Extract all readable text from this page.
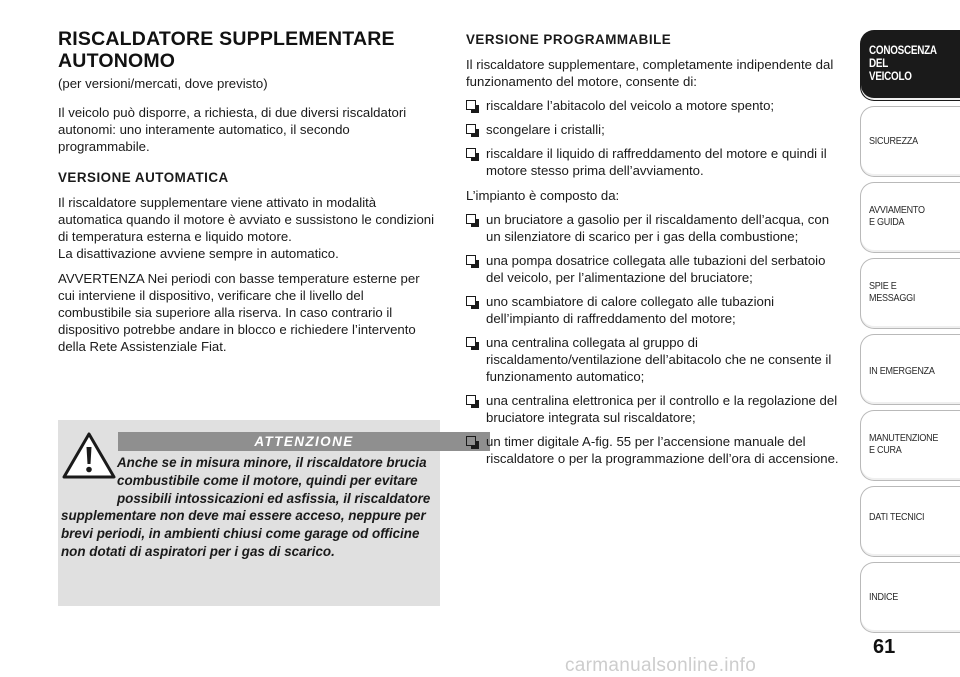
RISCALDATORE SUPPLEMENTARE
AUTONOMO

(per versioni/mercati, dove previsto)

Il veicolo può disporre, a richiesta, di due diversi riscaldatori autonomi: uno interamente automatico, il secondo programmabile.

VERSIONE AUTOMATICA

Il riscaldatore supplementare viene attivato in modalità automatica quando il motore è avviato e sussistono le condizioni di temperatura esterna e liquido motore.
La disattivazione avviene sempre in automatico.

AVVERTENZA Nei periodi con basse temperature esterne per cui interviene il dispositivo, verificare che il livello del combustibile sia superiore alla riserva. In caso contrario il dispositivo potrebbe andare in blocco e richiedere l’intervento della Rete Assistenziale Fiat.

ATTENZIONE
Anche se in misura minore, il riscaldatore brucia combustibile come il motore, quindi per evitare possibili intossicazioni ed asfissia, il riscaldatore supplementare non deve mai essere acceso, neppure per brevi periodi, in ambienti chiusi come garage od officine non dotati di aspiratori per i gas di scarico.
VERSIONE PROGRAMMABILE

Il riscaldatore supplementare, completamente indipendente dal funzionamento del motore, consente di:

riscaldare l’abitacolo del veicolo a motore spento;
scongelare i cristalli;
riscaldare il liquido di raffreddamento del motore e quindi il motore stesso prima dell’avviamento.

L’impianto è composto da:

un bruciatore a gasolio per il riscaldamento dell’acqua, con un silenziatore di scarico per i gas della combustione;
una pompa dosatrice collegata alle tubazioni del serbatoio del veicolo, per l’alimentazione del bruciatore;
uno scambiatore di calore collegato alle tubazioni dell’impianto di raffreddamento del motore;
una centralina collegata al gruppo di riscaldamento/ventilazione dell’abitacolo che ne consente il funzionamento automatico;
una centralina elettronica per il controllo e la regolazione del bruciatore integrata sul riscaldatore;
un timer digitale A-fig. 55 per l’accensione manuale del riscaldatore o per la programmazione dell’ora di accensione.
CONOSCENZA
DEL
VEICOLO
SICUREZZA
AVVIAMENTO
E GUIDA
SPIE E
MESSAGGI
IN EMERGENZA
MANUTENZIONE
E CURA
DATI TECNICI
INDICE
61
carmanualsonline.info
